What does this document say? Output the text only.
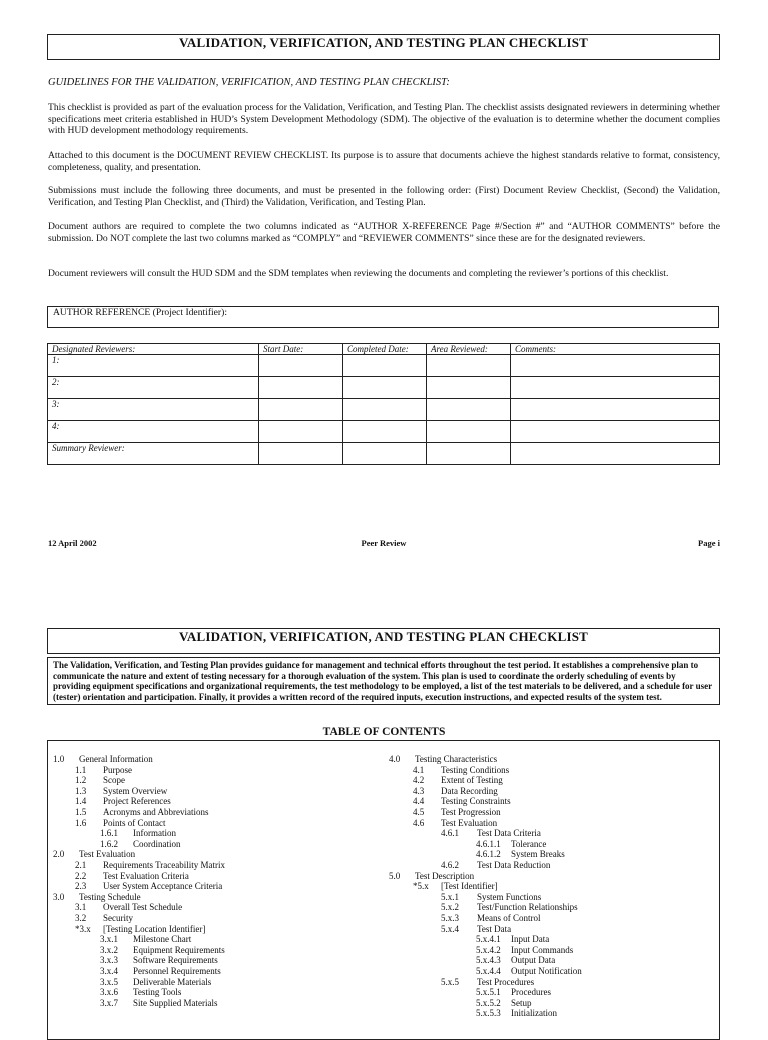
VALIDATION, VERIFICATION, AND TESTING PLAN CHECKLIST
GUIDELINES FOR THE VALIDATION, VERIFICATION, AND TESTING PLAN CHECKLIST:
This checklist is provided as part of the evaluation process for the Validation, Verification, and Testing Plan. The checklist assists designated reviewers in determining whether specifications meet criteria established in HUD’s System Development Methodology (SDM). The objective of the evaluation is to determine whether the document complies with HUD development methodology requirements.
Attached to this document is the DOCUMENT REVIEW CHECKLIST. Its purpose is to assure that documents achieve the highest standards relative to format, consistency, completeness, quality, and presentation.
Submissions must include the following three documents, and must be presented in the following order: (First) Document Review Checklist, (Second) the Validation, Verification, and Testing Plan Checklist, and (Third) the Validation, Verification, and Testing Plan.
Document authors are required to complete the two columns indicated as “AUTHOR X-REFERENCE Page #/Section #” and “AUTHOR COMMENTS” before the submission. Do NOT complete the last two columns marked as “COMPLY” and “REVIEWER COMMENTS” since these are for the designated reviewers.
Document reviewers will consult the HUD SDM and the SDM templates when reviewing the documents and completing the reviewer’s portions of this checklist.
AUTHOR REFERENCE (Project Identifier):
Designated Reviewers:	Start Date:	Completed Date:	Area Reviewed:	Comments:
1:				
2:				
3:				
4:				
Summary Reviewer:				
12 April 2002	Peer Review	Page i
VALIDATION, VERIFICATION, AND TESTING PLAN CHECKLIST
The Validation, Verification, and Testing Plan provides guidance for management and technical efforts throughout the test period. It establishes a comprehensive plan to communicate the nature and extent of testing necessary for a thorough evaluation of the system. This plan is used to coordinate the orderly scheduling of events by providing equipment specifications and organizational requirements, the test methodology to be employed, a list of the test materials to be delivered, and a schedule for user (tester) orientation and participation. Finally, it provides a written record of the required inputs, execution instructions, and expected results of the system test.
TABLE OF CONTENTS
1.0 General Information
1.1 Purpose
1.2 Scope
1.3 System Overview
1.4 Project References
1.5 Acronyms and Abbreviations
1.6 Points of Contact
1.6.1 Information
1.6.2 Coordination
2.0 Test Evaluation
2.1 Requirements Traceability Matrix
2.2 Test Evaluation Criteria
2.3 User System Acceptance Criteria
3.0 Testing Schedule
3.1 Overall Test Schedule
3.2 Security
*3.x [Testing Location Identifier]
3.x.1 Milestone Chart
3.x.2 Equipment Requirements
3.x.3 Software Requirements
3.x.4 Personnel Requirements
3.x.5 Deliverable Materials
3.x.6 Testing Tools
3.x.7 Site Supplied Materials
4.0 Testing Characteristics
4.1 Testing Conditions
4.2 Extent of Testing
4.3 Data Recording
4.4 Testing Constraints
4.5 Test Progression
4.6 Test Evaluation
4.6.1 Test Data Criteria
4.6.1.1 Tolerance
4.6.1.2 System Breaks
4.6.2 Test Data Reduction
5.0 Test Description
*5.x [Test Identifier]
5.x.1 System Functions
5.x.2 Test/Function Relationships
5.x.3 Means of Control
5.x.4 Test Data
5.x.4.1 Input Data
5.x.4.2 Input Commands
5.x.4.3 Output Data
5.x.4.4 Output Notification
5.x.5 Test Procedures
5.x.5.1 Procedures
5.x.5.2 Setup
5.x.5.3 Initialization
